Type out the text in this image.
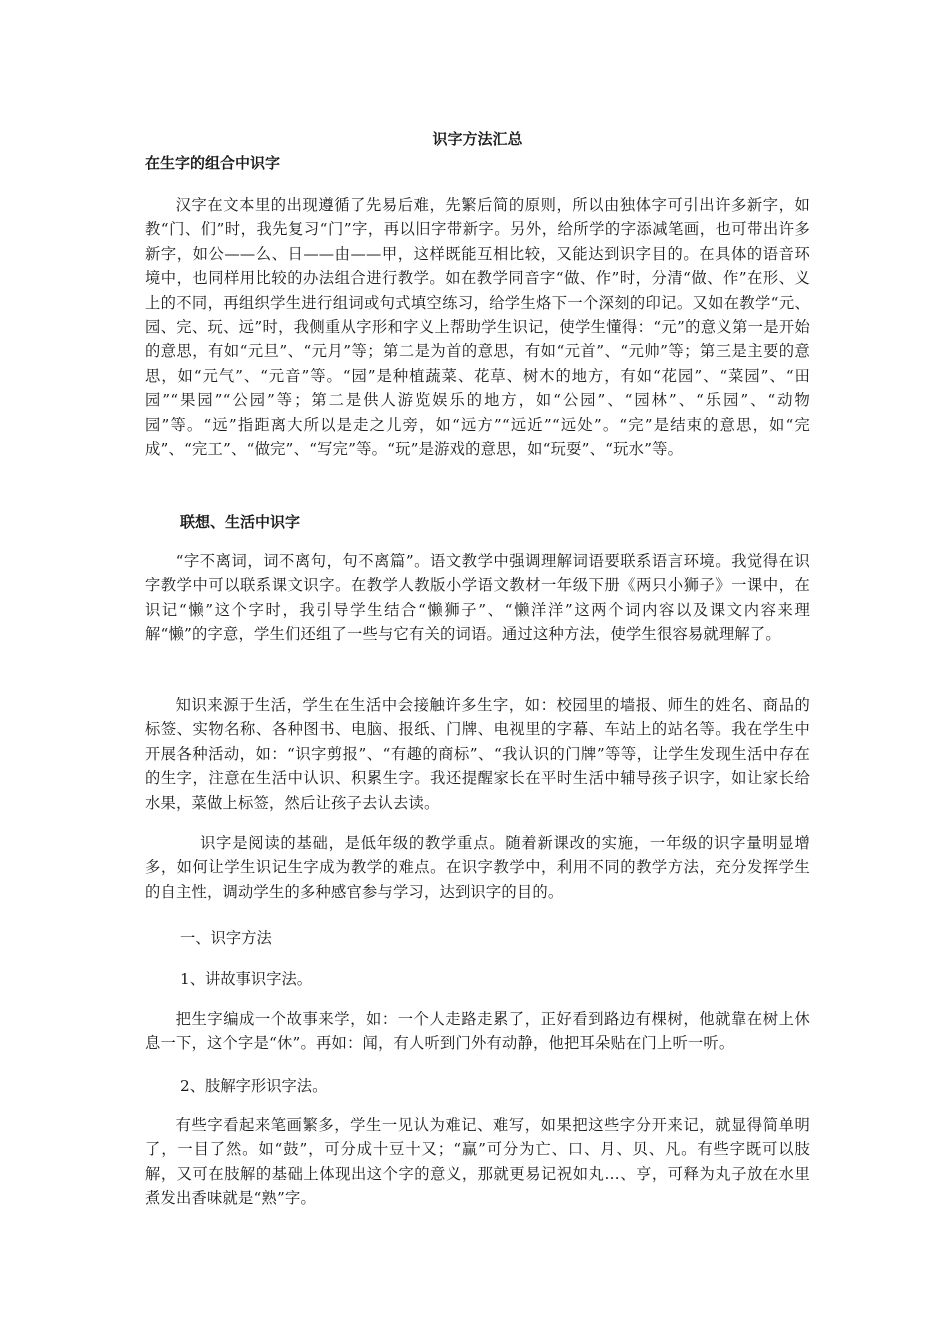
识字方法汇总
在生字的组合中识字

汉字在文本里的出现遵循了先易后难，先繁后简的原则，所以由独体字可引出许多新字，如教“门、们”时，我先复习“门”字，再以旧字带新字。另外，给所学的字添减笔画，也可带出许多新字，如公——么、日——由——甲，这样既能互相比较，又能达到识字目的。在具体的语音环境中，也同样用比较的办法组合进行教学。如在教学同音字“做、作”时，分清“做、作”在形、义上的不同，再组织学生进行组词或句式填空练习，给学生烙下一个深刻的印记。又如在教学“元、园、完、玩、远”时，我侧重从字形和字义上帮助学生识记，使学生懂得：“元”的意义第一是开始的意思，有如“元旦”、“元月”等；第二是为首的意思，有如“元首”、“元帅”等；第三是主要的意思，如“元气”、“元音”等。“园”是种植蔬菜、花草、树木的地方，有如“花园”、“菜园”、“田园”“果园”“公园”等；第二是供人游览娱乐的地方，如“公园”、“园林”、“乐园”、“动物园”等。“远”指距离大所以是走之儿旁，如“远方”“远近”“远处”。“完”是结束的意思，如“完成”、“完工”、“做完”、“写完”等。“玩”是游戏的意思，如“玩耍”、“玩水”等。

联想、生活中识字

“字不离词，词不离句，句不离篇”。语文教学中强调理解词语要联系语言环境。我觉得在识字教学中可以联系课文识字。在教学人教版小学语文教材一年级下册《两只小狮子》一课中，在识记“懒”这个字时，我引导学生结合“懒狮子”、“懒洋洋”这两个词内容以及课文内容来理解“懒”的字意，学生们还组了一些与它有关的词语。通过这种方法，使学生很容易就理解了。

知识来源于生活，学生在生活中会接触许多生字，如：校园里的墙报、师生的姓名、商品的标签、实物名称、各种图书、电脑、报纸、门牌、电视里的字幕、车站上的站名等。我在学生中开展各种活动，如：“识字剪报”、“有趣的商标”、“我认识的门牌”等等，让学生发现生活中存在的生字，注意在生活中认识、积累生字。我还提醒家长在平时生活中辅导孩子识字，如让家长给水果，菜做上标签，然后让孩子去认去读。

识字是阅读的基础，是低年级的教学重点。随着新课改的实施，一年级的识字量明显增多，如何让学生识记生字成为教学的难点。在识字教学中，利用不同的教学方法，充分发挥学生的自主性，调动学生的多种感官参与学习，达到识字的目的。

一、识字方法

1、讲故事识字法。

把生字编成一个故事来学，如：一个人走路走累了，正好看到路边有棵树，他就靠在树上休息一下，这个字是“休”。再如：闻，有人听到门外有动静，他把耳朵贴在门上听一听。

2、肢解字形识字法。

有些字看起来笔画繁多，学生一见认为难记、难写，如果把这些字分开来记，就显得简单明了，一目了然。如“鼓”，可分成十豆十又；“赢”可分为亡、口、月、贝、凡。有些字既可以肢解，又可在肢解的基础上体现出这个字的意义，那就更易记祝如丸…、亨，可释为丸子放在水里煮发出香味就是“熟”字。
